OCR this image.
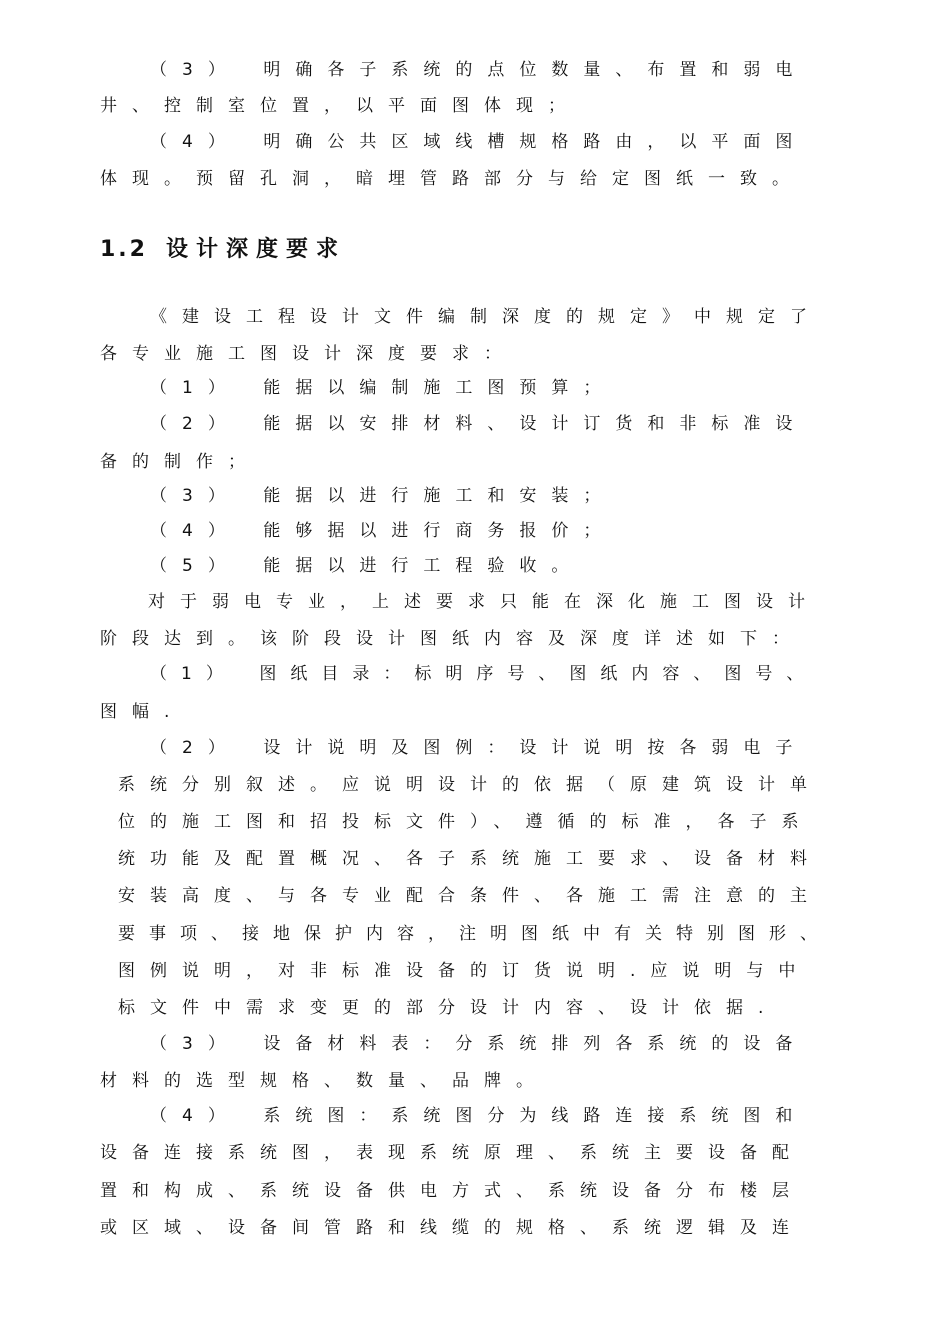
（3）　明确各子系统的点位数量、布置和弱电
井、控制室位置，以平面图体现；
（4）　明确公共区域线槽规格路由，以平面图
体现。预留孔洞，暗埋管路部分与给定图纸一致。
1.2 设计深度要求
《建设工程设计文件编制深度的规定》中规定了
各专业施工图设计深度要求：
（1）　能据以编制施工图预算；
（2）　能据以安排材料、设计订货和非标准设
备的制作；
（3）　能据以进行施工和安装；
（4）　能够据以进行商务报价；
（5）　能据以进行工程验收。
对于弱电专业，上述要求只能在深化施工图设计
阶段达到。该阶段设计图纸内容及深度详述如下：
（1）　图纸目录：标明序号、图纸内容、图号、
图幅.
（2）　设计说明及图例：设计说明按各弱电子
系统分别叙述。应说明设计的依据（原建筑设计单
位的施工图和招投标文件）、遵循的标准，各子系
统功能及配置概况、各子系统施工要求、设备材料
安装高度、与各专业配合条件、各施工需注意的主
要事项、接地保护内容，注明图纸中有关特别图形、
图例说明，对非标准设备的订货说明.应说明与中
标文件中需求变更的部分设计内容、设计依据.
（3）　设备材料表：分系统排列各系统的设备
材料的选型规格、数量、品牌。
（4）　系统图：系统图分为线路连接系统图和
设备连接系统图，表现系统原理、系统主要设备配
置和构成、系统设备供电方式、系统设备分布楼层
或区域、设备间管路和线缆的规格、系统逻辑及连
